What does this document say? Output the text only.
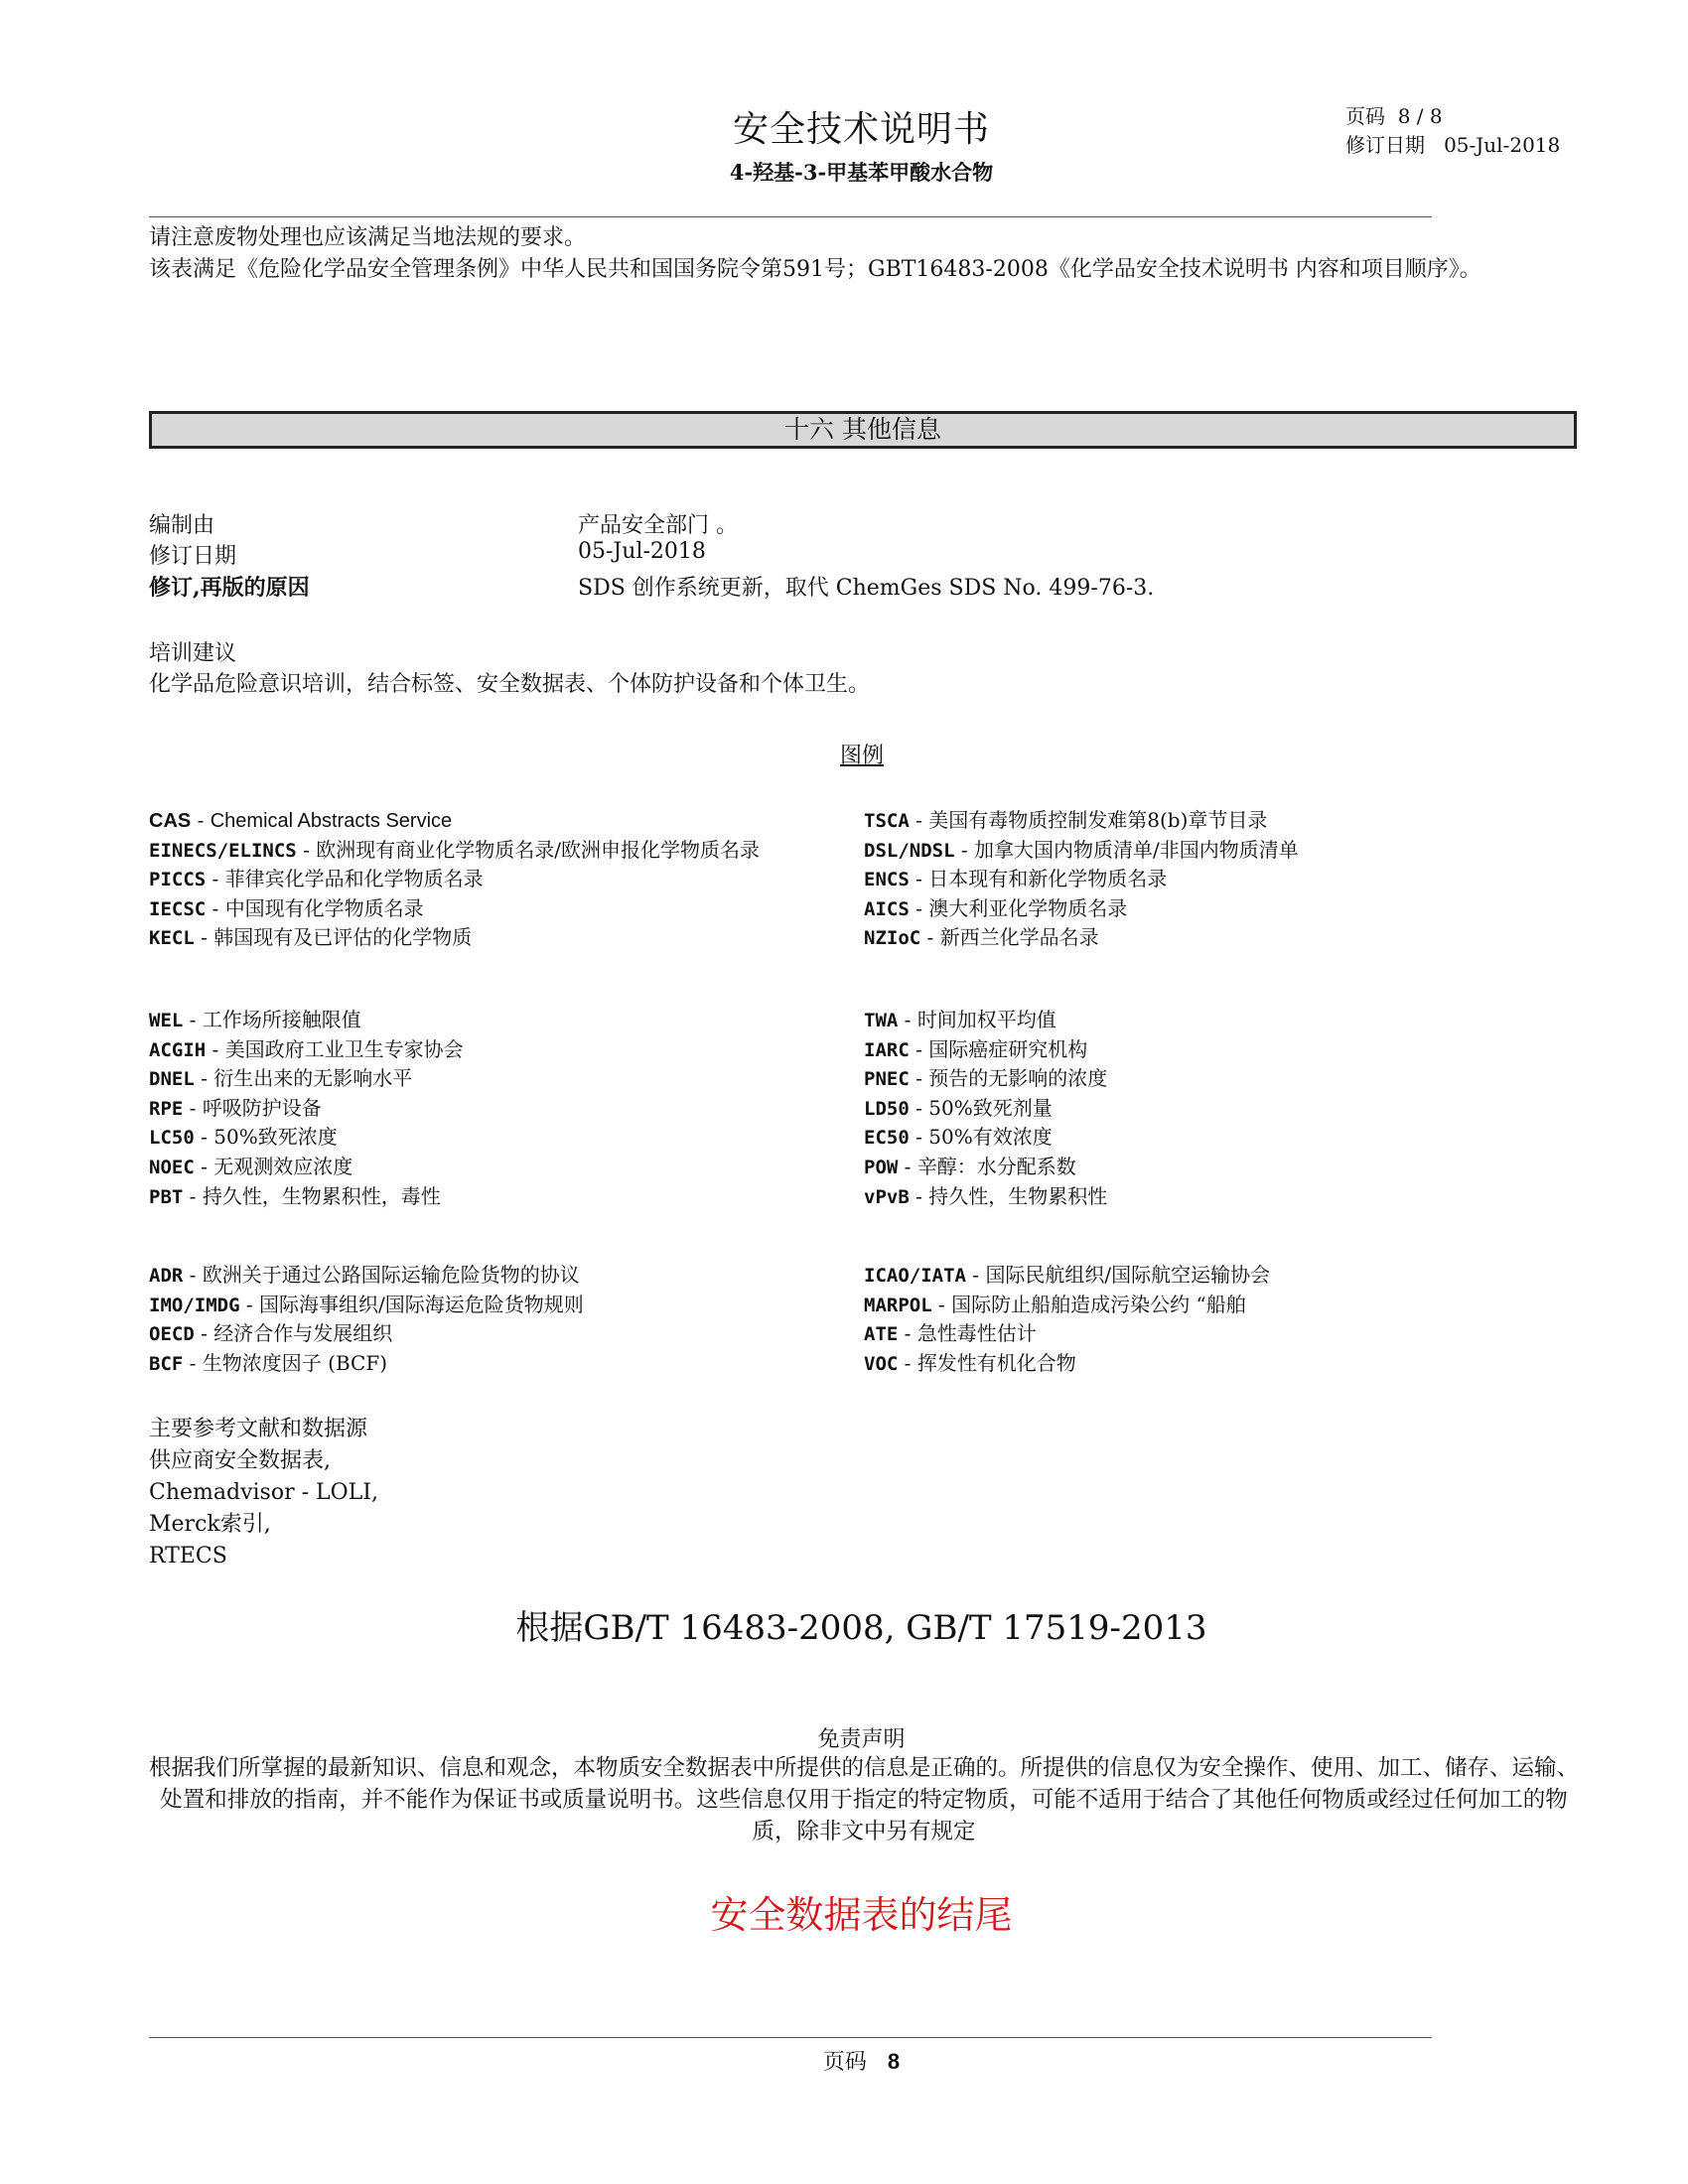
安全技术说明书
4-羟基-3-甲基苯甲酸水合物
页码  8 / 8
修订日期 05-Jul-2018
请注意废物处理也应该满足当地法规的要求。
该表满足《危险化学品安全管理条例》中华人民共和国国务院令第591号；GBT16483-2008《化学品安全技术说明书 内容和项目顺序》。
十六 其他信息
编制由	产品安全部门 。
修订日期	05-Jul-2018
修订,再版的原因	SDS 创作系统更新，取代 ChemGes SDS No. 499-76-3.
培训建议
化学品危险意识培训，结合标签、安全数据表、个体防护设备和个体卫生。
图例
CAS - Chemical Abstracts Service
EINECS/ELINCS - 欧洲现有商业化学物质名录/欧洲申报化学物质名录
PICCS - 菲律宾化学品和化学物质名录
IECSC - 中国现有化学物质名录
KECL - 韩国现有及已评估的化学物质
TSCA - 美国有毒物质控制发难第8(b)章节目录
DSL/NDSL - 加拿大国内物质清单/非国内物质清单
ENCS - 日本现有和新化学物质名录
AICS - 澳大利亚化学物质名录
NZIoC - 新西兰化学品名录
WEL - 工作场所接触限值
ACGIH - 美国政府工业卫生专家协会
DNEL - 衍生出来的无影响水平
RPE - 呼吸防护设备
LC50 - 50%致死浓度
NOEC - 无观测效应浓度
PBT - 持久性，生物累积性，毒性
TWA - 时间加权平均值
IARC - 国际癌症研究机构
PNEC - 预告的无影响的浓度
LD50 - 50%致死剂量
EC50 - 50%有效浓度
POW - 辛醇：水分配系数
vPvB - 持久性，生物累积性
ADR - 欧洲关于通过公路国际运输危险货物的协议
IMO/IMDG - 国际海事组织/国际海运危险货物规则
OECD - 经济合作与发展组织
BCF - 生物浓度因子 (BCF)
ICAO/IATA - 国际民航组织/国际航空运输协会
MARPOL - 国际防止船舶造成污染公约 “船舶
ATE - 急性毒性估计
VOC - 挥发性有机化合物
主要参考文献和数据源
供应商安全数据表,
Chemadvisor - LOLI,
Merck索引,
RTECS
根据GB/T 16483-2008, GB/T 17519-2013
免责声明
根据我们所掌握的最新知识、信息和观念，本物质安全数据表中所提供的信息是正确的。所提供的信息仅为安全操作、使用、加工、储存、运输、处置和排放的指南，并不能作为保证书或质量说明书。这些信息仅用于指定的特定物质，可能不适用于结合了其他任何物质或经过任何加工的物质，除非文中另有规定
安全数据表的结尾
页码 8
